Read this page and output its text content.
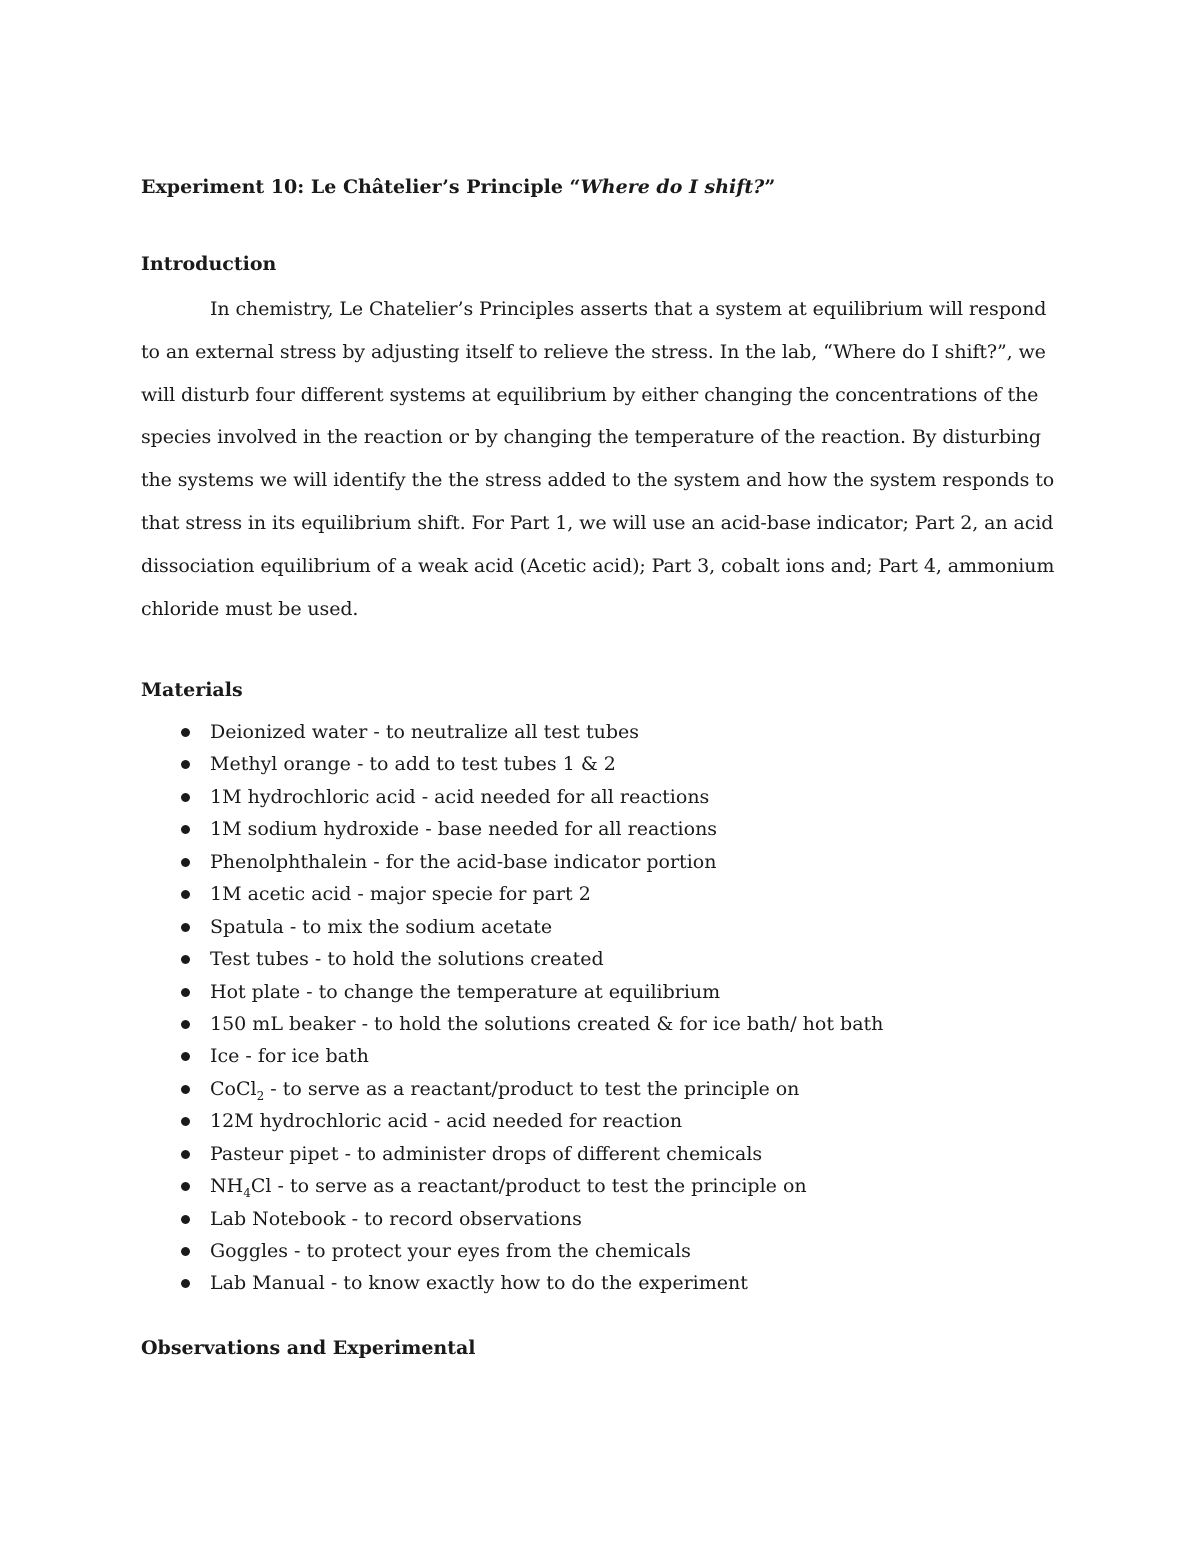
Experiment 10: Le Châtelier’s Principle “Where do I shift?”
Introduction

In chemistry, Le Chatelier’s Principles asserts that a system at equilibrium will respond to an external stress by adjusting itself to relieve the stress. In the lab, “Where do I shift?”, we will disturb four different systems at equilibrium by either changing the concentrations of the species involved in the reaction or by changing the temperature of the reaction. By disturbing the systems we will identify the the stress added to the system and how the system responds to that stress in its equilibrium shift. For Part 1, we will use an acid-base indicator; Part 2, an acid dissociation equilibrium of a weak acid (Acetic acid); Part 3, cobalt ions and; Part 4, ammonium chloride must be used.

Materials
Deionized water - to neutralize all test tubes
Methyl orange - to add to test tubes 1 & 2
1M hydrochloric acid - acid needed for all reactions
1M sodium hydroxide - base needed for all reactions
Phenolphthalein - for the acid-base indicator portion
1M acetic acid - major specie for part 2
Spatula - to mix the sodium acetate
Test tubes - to hold the solutions created
Hot plate - to change the temperature at equilibrium
150 mL beaker - to hold the solutions created & for ice bath/ hot bath
Ice - for ice bath
CoCl$_2$ - to serve as a reactant/product to test the principle on
12M hydrochloric acid - acid needed for reaction
Pasteur pipet - to administer drops of different chemicals
$NH_4Cl$ - to serve as a reactant/product to test the principle on
Lab Notebook - to record observations
Goggles - to protect your eyes from the chemicals
Lab Manual - to know exactly how to do the experiment
Observations and Experimental
